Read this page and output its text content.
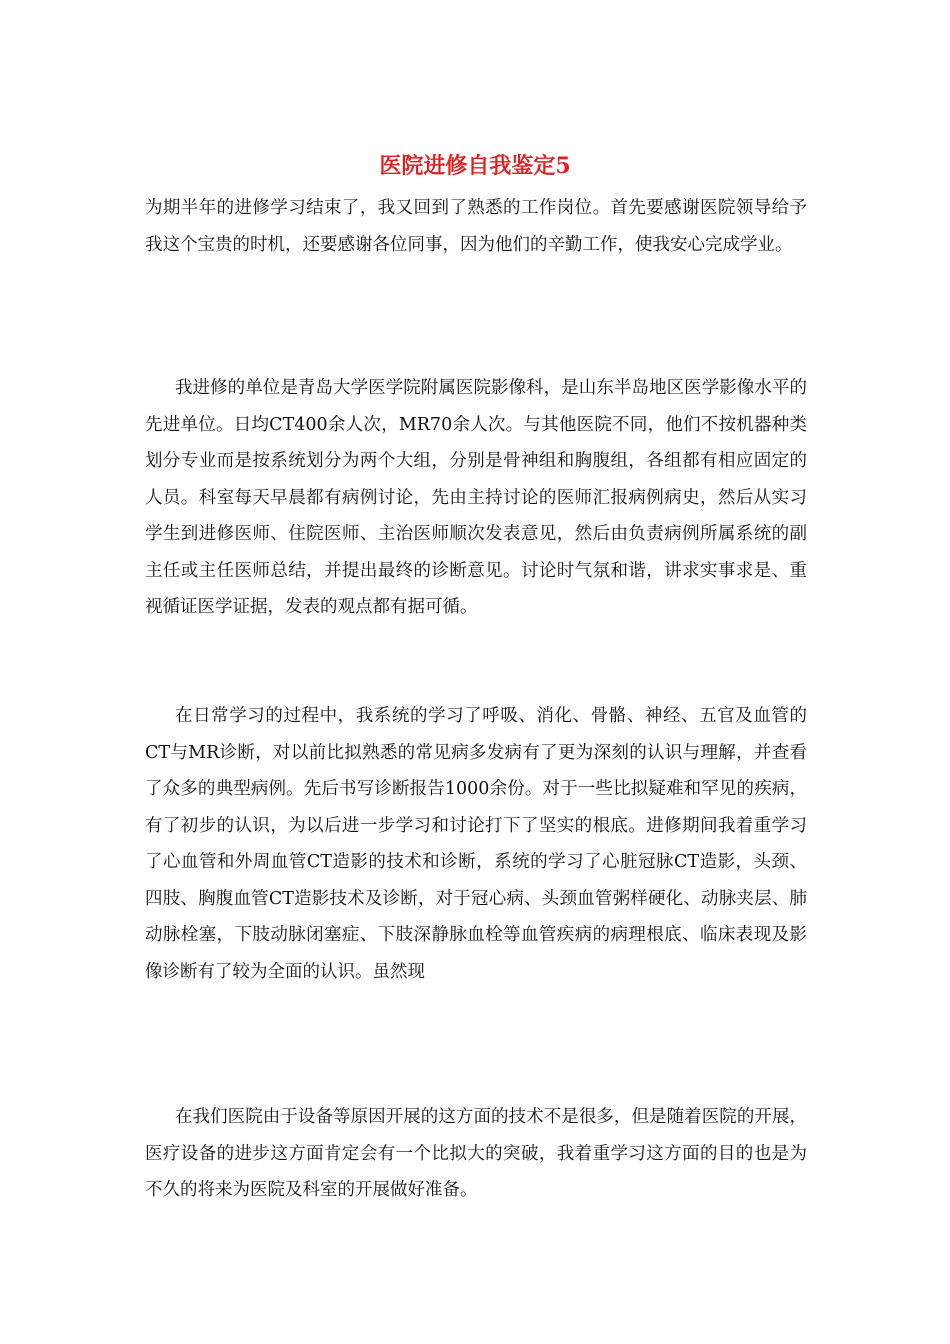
医院进修自我鉴定5

为期半年的进修学习结束了，我又回到了熟悉的工作岗位。首先要感谢医院领导给予我这个宝贵的时机，还要感谢各位同事，因为他们的辛勤工作，使我安心完成学业。

我进修的单位是青岛大学医学院附属医院影像科，是山东半岛地区医学影像水平的先进单位。日均CT400余人次，MR70余人次。与其他医院不同，他们不按机器种类划分专业而是按系统划分为两个大组，分别是骨神组和胸腹组，各组都有相应固定的人员。科室每天早晨都有病例讨论，先由主持讨论的医师汇报病例病史，然后从实习学生到进修医师、住院医师、主治医师顺次发表意见，然后由负责病例所属系统的副主任或主任医师总结，并提出最终的诊断意见。讨论时气氛和谐，讲求实事求是、重视循证医学证据，发表的观点都有据可循。

在日常学习的过程中，我系统的学习了呼吸、消化、骨骼、神经、五官及血管的CT与MR诊断，对以前比拟熟悉的常见病多发病有了更为深刻的认识与理解，并查看了众多的典型病例。先后书写诊断报告1000余份。对于一些比拟疑难和罕见的疾病，有了初步的认识，为以后进一步学习和讨论打下了坚实的根底。进修期间我着重学习了心血管和外周血管CT造影的技术和诊断，系统的学习了心脏冠脉CT造影，头颈、四肢、胸腹血管CT造影技术及诊断，对于冠心病、头颈血管粥样硬化、动脉夹层、肺动脉栓塞，下肢动脉闭塞症、下肢深静脉血栓等血管疾病的病理根底、临床表现及影像诊断有了较为全面的认识。虽然现

在我们医院由于设备等原因开展的这方面的技术不是很多，但是随着医院的开展，医疗设备的进步这方面肯定会有一个比拟大的突破，我着重学习这方面的目的也是为不久的将来为医院及科室的开展做好准备。
